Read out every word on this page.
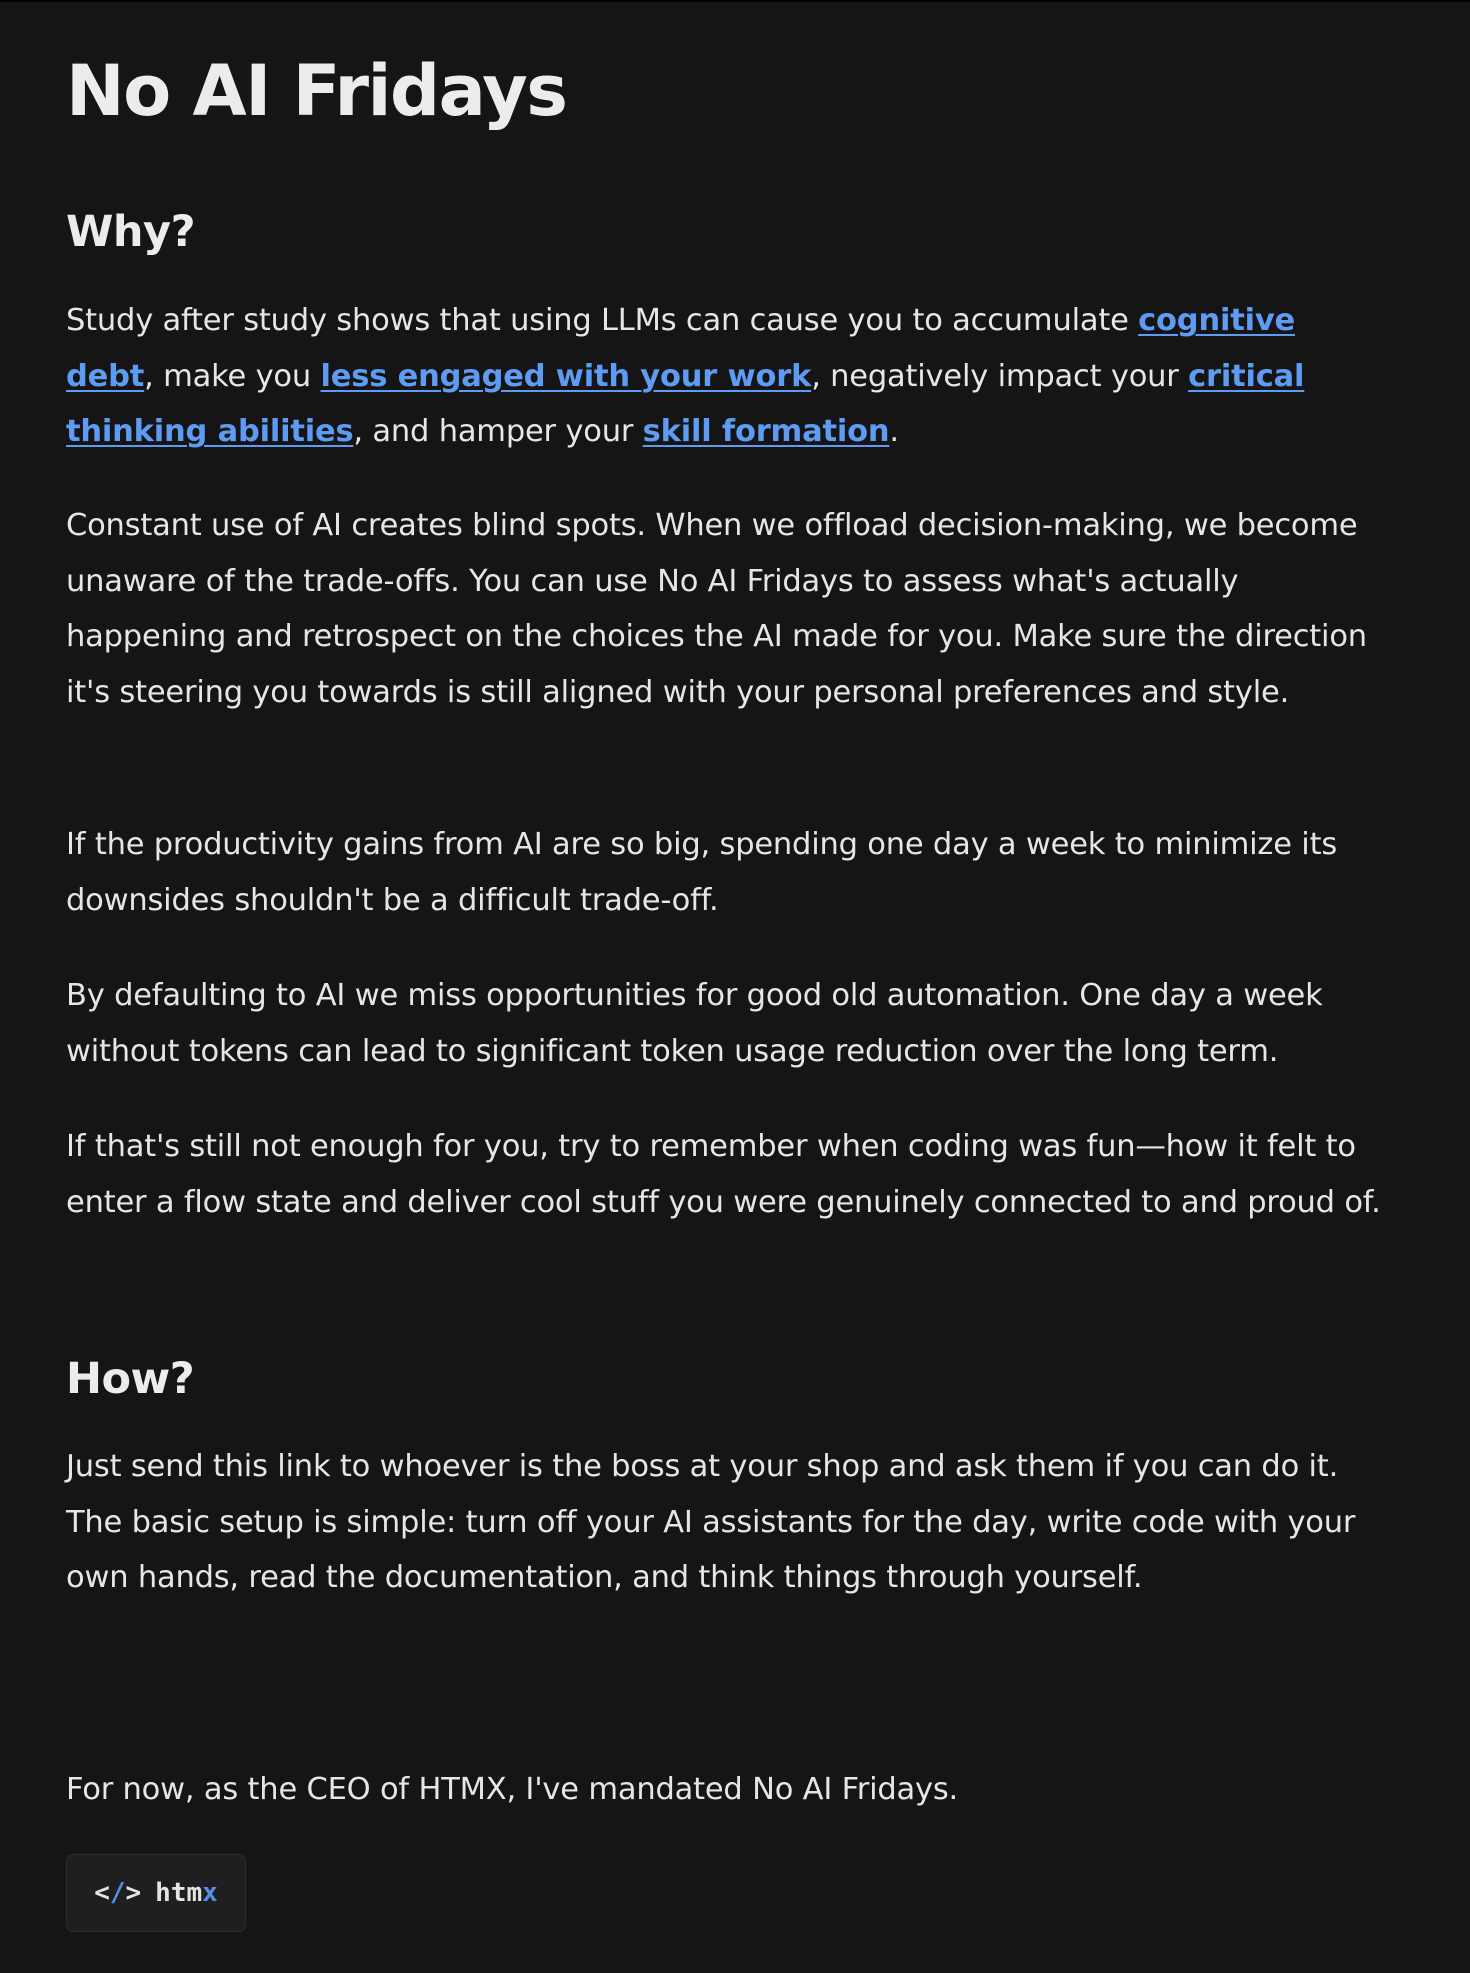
No AI Fridays
Why?

Study after study shows that using LLMs can cause you to accumulate cognitive debt, make you less engaged with your work, negatively impact your critical thinking abilities, and hamper your skill formation.

Constant use of AI creates blind spots. When we offload decision-making, we become unaware of the trade-offs. You can use No AI Fridays to assess what's actually happening and retrospect on the choices the AI made for you. Make sure the direction it's steering you towards is still aligned with your personal preferences and style.

If the productivity gains from AI are so big, spending one day a week to minimize its downsides shouldn't be a difficult trade-off.

By defaulting to AI we miss opportunities for good old automation. One day a week without tokens can lead to significant token usage reduction over the long term.

If that's still not enough for you, try to remember when coding was fun—how it felt to enter a flow state and deliver cool stuff you were genuinely connected to and proud of.

How?

Just send this link to whoever is the boss at your shop and ask them if you can do it. The basic setup is simple: turn off your AI assistants for the day, write code with your own hands, read the documentation, and think things through yourself.

For now, as the CEO of HTMX, I've mandated No AI Fridays.

< / > htm x
